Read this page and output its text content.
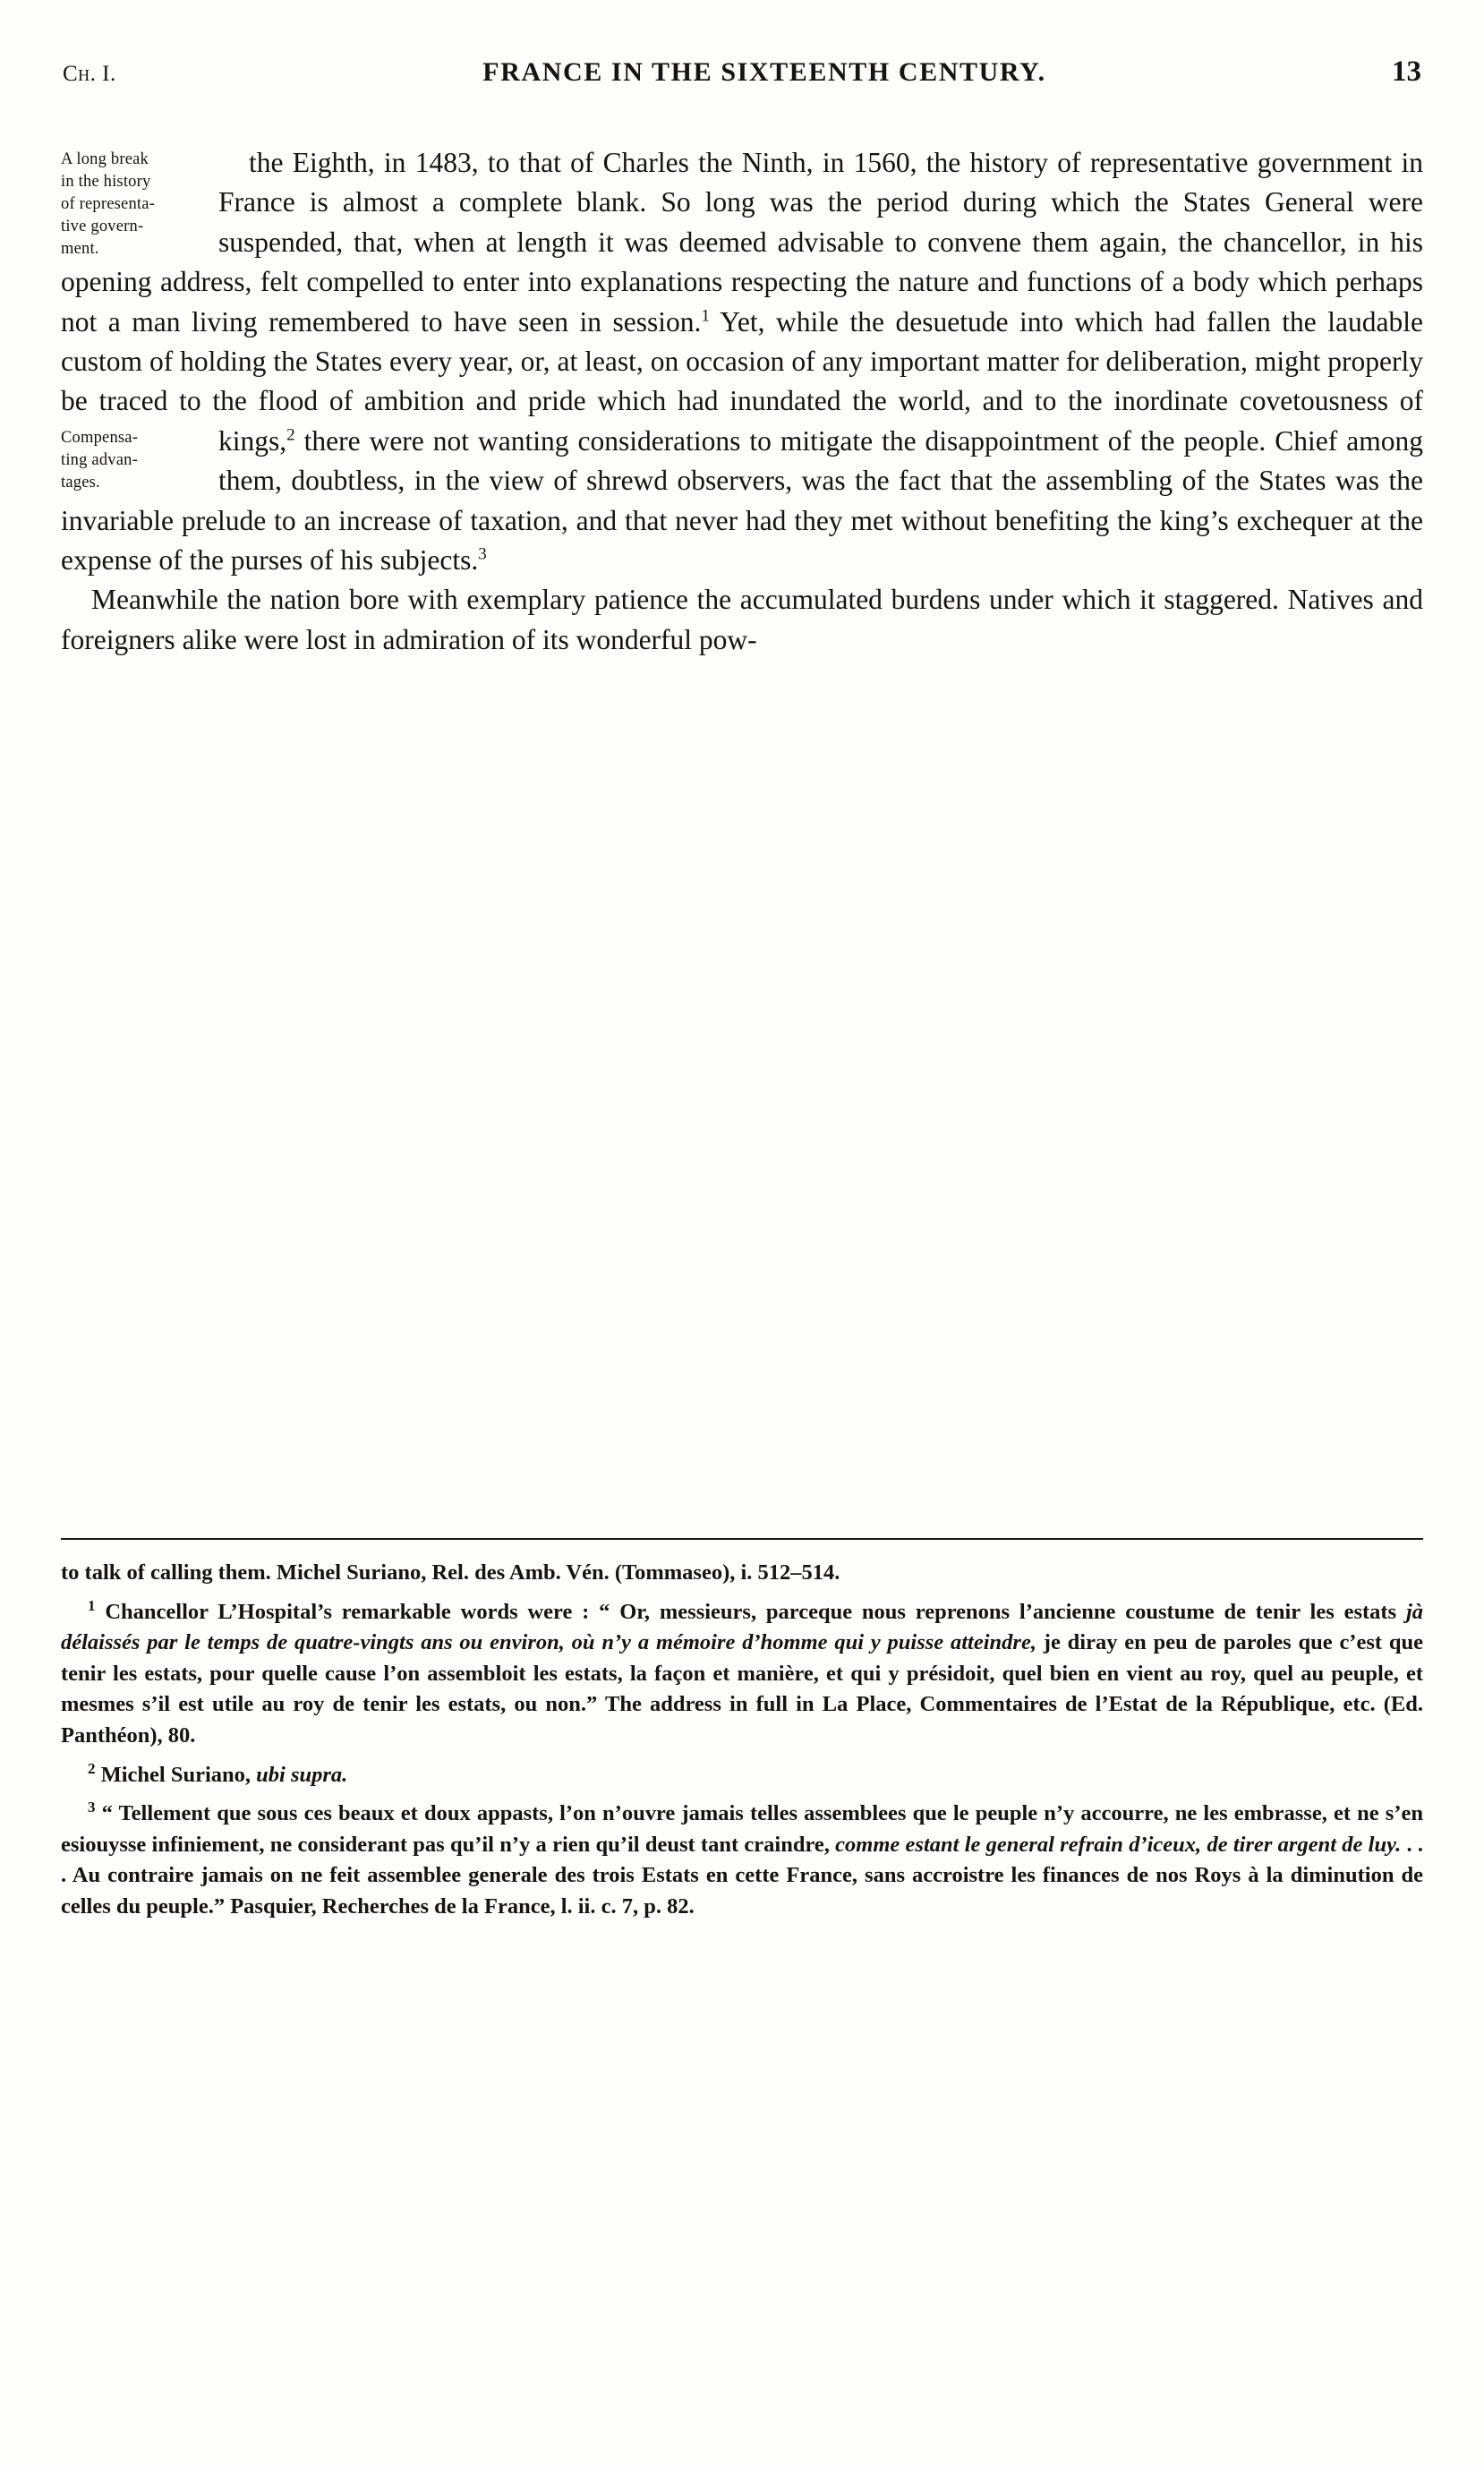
Ch. I.	FRANCE IN THE SIXTEENTH CENTURY.	13

A long break
in the history
of representa-
tive govern-
ment.
the Eighth, in 1483, to that of Charles the Ninth, in 1560, the history of representative government in France is almost a complete blank. So long was the period during which the States General were suspended, that, when at length it was deemed advisable to convene them again, the chancellor, in his opening address, felt compelled to enter into explanations respecting the nature and functions of a body which perhaps not a man living remembered to have seen in session.$^1$ Yet, while the desuetude into which had fallen the laudable custom of holding the States every year, or, at least, on occasion of any important matter for deliberation, might properly be traced to the flood of ambition and pride which had inundated the world, and to the inordinate covetousness of kings,$^2$
Compensa-
ting advan-
tages.
there were not wanting considerations to mitigate the disappointment of the people. Chief among them, doubtless, in the view of shrewd observers, was the fact that the assembling of the States was the invariable prelude to an increase of taxation, and that never had they met without benefiting the king’s exchequer at the expense of the purses of his subjects.$^3$

Meanwhile the nation bore with exemplary patience the accumulated burdens under which it staggered. Natives and foreigners alike were lost in admiration of its wonderful pow-

to talk of calling them. Michel Suriano, Rel. des Amb. Vén. (Tommaseo), i. 512–514.

$^1$ Chancellor L’Hospital’s remarkable words were : “ Or, messieurs, parceque nous reprenons l’ancienne coustume de tenir les estats jà délaissés par le temps de quatre-vingts ans ou environ, où n’y a mémoire d’homme qui y puisse atteindre, je diray en peu de paroles que c’est que tenir les estats, pour quelle cause l’on assembloit les estats, la façon et manière, et qui y présidoit, quel bien en vient au roy, quel au peuple, et mesmes s’il est utile au roy de tenir les estats, ou non.” The address in full in La Place, Commentaires de l’Estat de la République, etc. (Ed. Panthéon), 80.

$^2$ Michel Suriano, ubi supra.

$^3$ “ Tellement que sous ces beaux et doux appasts, l’on n’ouvre jamais telles assemblees que le peuple n’y accourre, ne les embrasse, et ne s’en esiouysse infiniement, ne considerant pas qu’il n’y a rien qu’il deust tant craindre, comme estant le general refrain d’iceux, de tirer argent de luy. . . . Au contraire jamais on ne feit assemblee generale des trois Estats en cette France, sans accroistre les finances de nos Roys à la diminution de celles du peuple.” Pasquier, Recherches de la France, l. ii. c. 7, p. 82.
